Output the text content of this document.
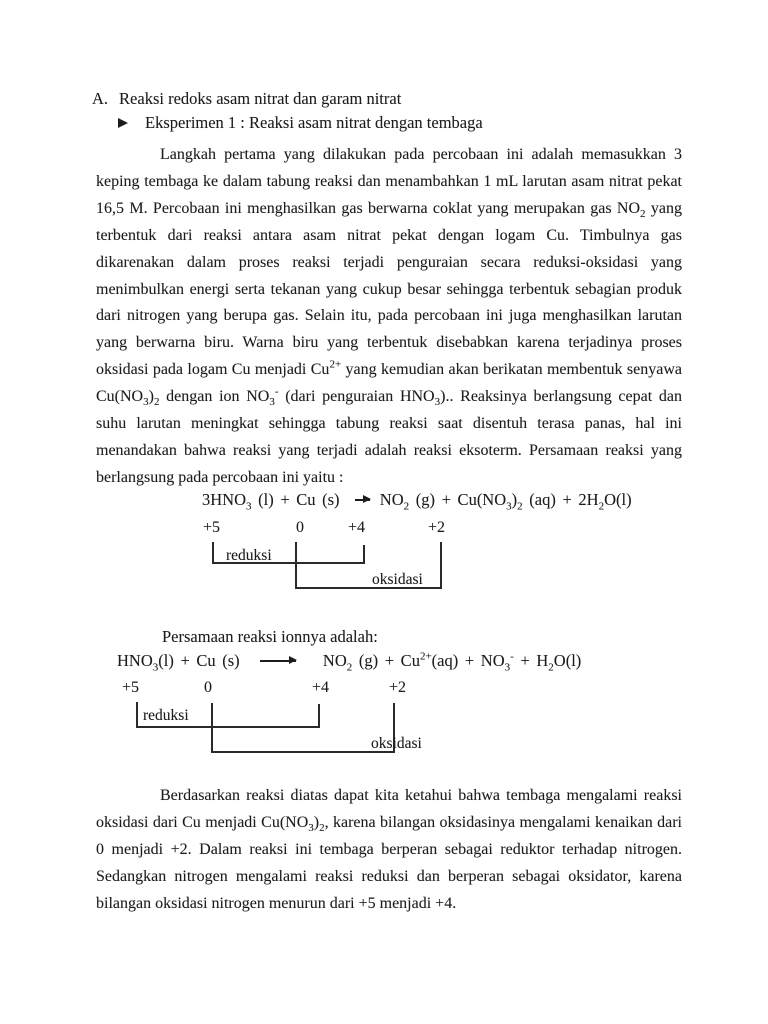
A. Reaksi redoks asam nitrat dan garam nitrat
Eksperimen 1 : Reaksi asam nitrat dengan tembaga

Langkah pertama yang dilakukan pada percobaan ini adalah memasukkan 3 keping tembaga ke dalam tabung reaksi dan menambahkan 1 mL larutan asam nitrat pekat 16,5 M. Percobaan ini menghasilkan gas berwarna coklat yang merupakan gas $NO_2$ yang terbentuk dari reaksi antara asam nitrat pekat dengan logam Cu. Timbulnya gas dikarenakan dalam proses reaksi terjadi penguraian secara reduksi-oksidasi yang menimbulkan energi serta tekanan yang cukup besar sehingga terbentuk sebagian produk dari nitrogen yang berupa gas. Selain itu, pada percobaan ini juga menghasilkan larutan yang berwarna biru. Warna biru yang terbentuk disebabkan karena terjadinya proses oksidasi pada logam Cu menjadi $Cu^{2+}$ yang kemudian akan berikatan membentuk senyawa $Cu(NO_3)_2$ dengan ion $NO_3^-$ (dari penguraian $HNO_3$).. Reaksinya berlangsung cepat dan suhu larutan meningkat sehingga tabung reaksi saat disentuh terasa panas, hal ini menandakan bahwa reaksi yang terjadi adalah reaksi eksoterm. Persamaan reaksi yang berlangsung pada percobaan ini yaitu :

$3HNO_3$ (l) + Cu (s) $NO_2$ $(g) + Cu(NO_3)_2$ $(aq) + 2H_2O(l)$
+5	0	+4	+2
reduksi
oksidasi
Persamaan reaksi ionnya adalah:
$HNO_3(l) + Cu$ (s)	$NO_2$ $(g) + Cu^{2+}(aq) + NO_3^- + H_2O(l)$
+5	0	+4	+2
reduksi
oksidasi

Berdasarkan reaksi diatas dapat kita ketahui bahwa tembaga mengalami reaksi oksidasi dari Cu menjadi $Cu(NO_3)_2$, karena bilangan oksidasinya mengalami kenaikan dari 0 menjadi +2. Dalam reaksi ini tembaga berperan sebagai reduktor terhadap nitrogen. Sedangkan nitrogen mengalami reaksi reduksi dan berperan sebagai oksidator, karena bilangan oksidasi nitrogen menurun dari +5 menjadi +4.
